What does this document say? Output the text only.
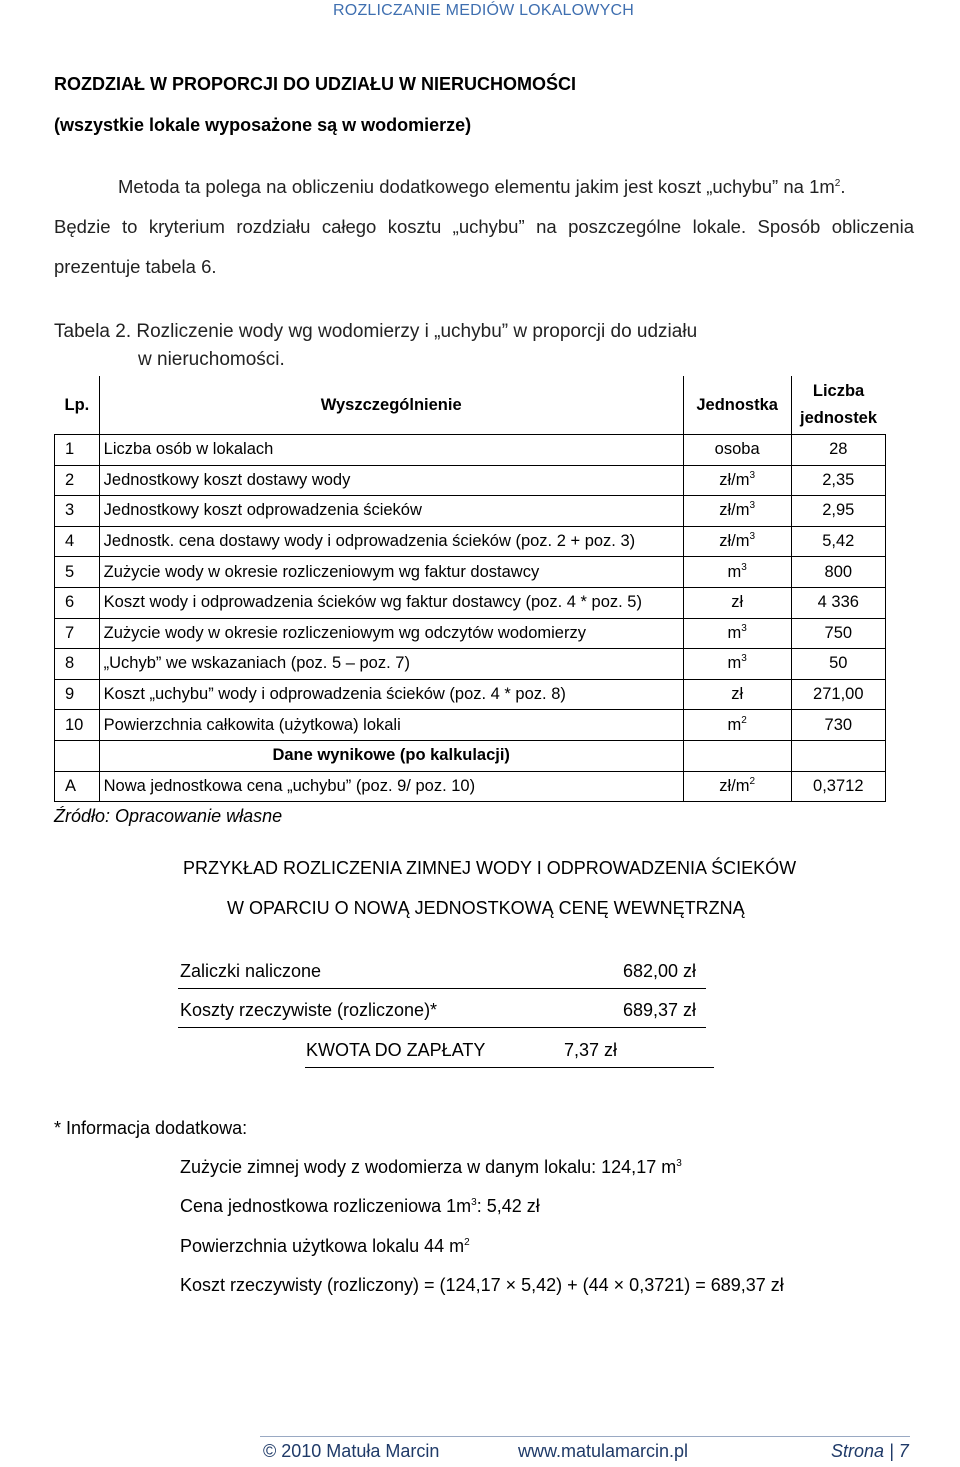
ROZLICZANIE MEDIÓW LOKALOWYCH
ROZDZIAŁ W PROPORCJI DO UDZIAŁU W NIERUCHOMOŚCI
(wszystkie lokale wyposażone są w wodomierze)
Metoda ta polega na obliczeniu dodatkowego elementu jakim jest koszt „uchybu” na $1m^2$.
Będzie to kryterium rozdziału całego kosztu „uchybu” na poszczególne lokale. Sposób obliczenia
prezentuje tabela 6.
Tabela 2. Rozliczenie wody wg wodomierzy i „uchybu” w proporcji do udziału
w nieruchomości.
Lp.	Wyszczególnienie	Jednostka	Liczba
jednostek

1	Liczba osób w lokalach	osoba	28
2	Jednostkowy koszt dostawy wody	$zł/m^3$	2,35
3	Jednostkowy koszt odprowadzenia ścieków	$zł/m^3$	2,95
4	Jednostk. cena dostawy wody i odprowadzenia ścieków (poz. 2 + poz. 3)	$zł/m^3$	5,42
5	Zużycie wody w okresie rozliczeniowym wg faktur dostawcy	$m^3$	800
6	Koszt wody i odprowadzenia ścieków wg faktur dostawcy (poz. 4 * poz. 5)	zł	4 336
7	Zużycie wody w okresie rozliczeniowym wg odczytów wodomierzy	$m^3$	750
8	„Uchyb” we wskazaniach (poz. 5 – poz. 7)	$m^3$	50
9	Koszt „uchybu” wody i odprowadzenia ścieków (poz. 4 * poz. 8)	zł	271,00
10	Powierzchnia całkowita (użytkowa) lokali	$m^2$	730
	Dane wynikowe (po kalkulacji)		
A	Nowa jednostkowa cena „uchybu” (poz. 9/ poz. 10)	$zł/m^2$	0,3712
Źródło: Opracowanie własne
PRZYKŁAD ROZLICZENIA ZIMNEJ WODY I ODPROWADZENIA ŚCIEKÓW
W OPARCIU O NOWĄ JEDNOSTKOWĄ CENĘ WEWNĘTRZNĄ
Zaliczki naliczone	682,00 zł
Koszty rzeczywiste (rozliczone)*	689,37 zł
KWOTA DO ZAPŁATY	7,37 zł
* Informacja dodatkowa:
Zużycie zimnej wody z wodomierza w danym lokalu: 124,17 $m^3$
Cena jednostkowa rozliczeniowa $1m^3$: 5,42 zł
Powierzchnia użytkowa lokalu 44 $m^2$
Koszt rzeczywisty (rozliczony) = (124,17 × 5,42) + (44 × 0,3721) = 689,37 zł
© 2010 Matuła Marcin	www.matulamarcin.pl	Strona | 7
